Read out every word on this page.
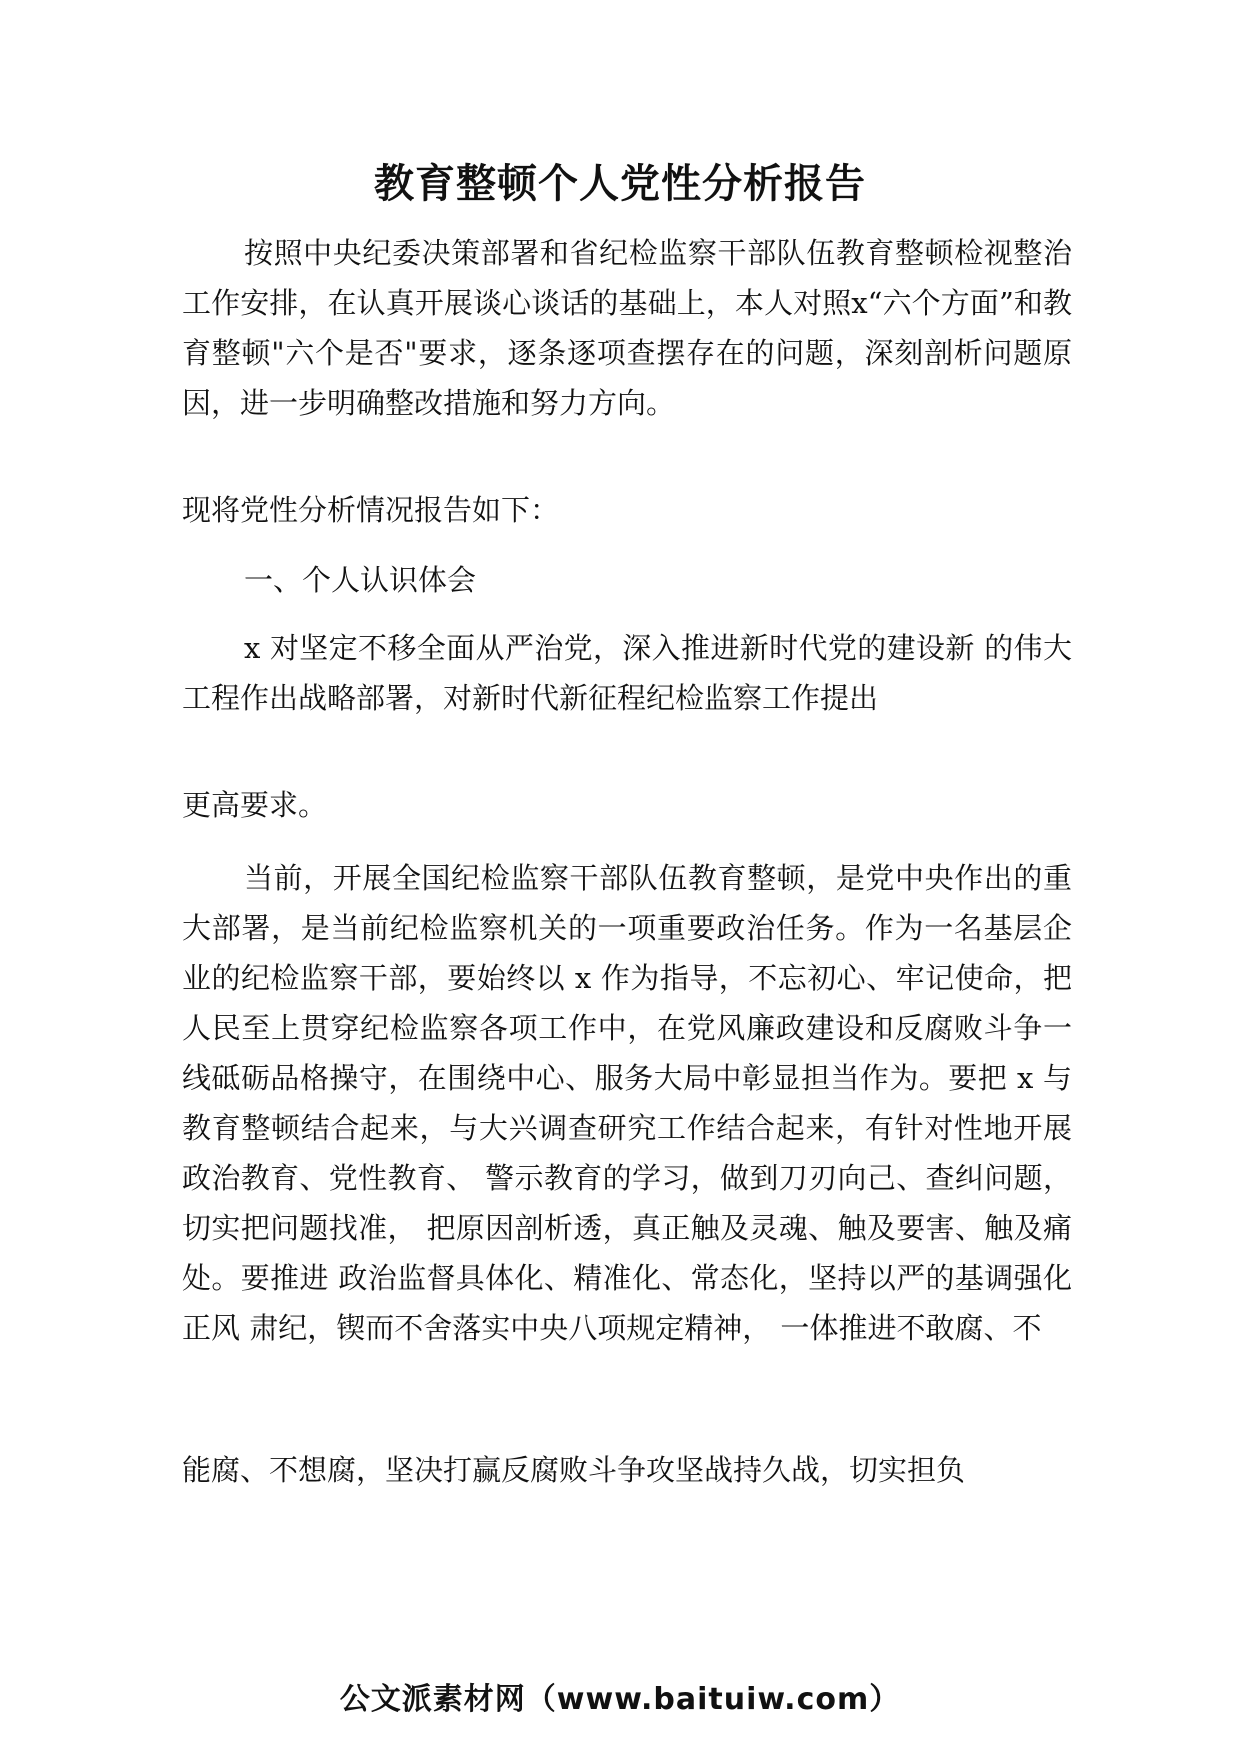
教育整顿个人党性分析报告

按照中央纪委决策部署和省纪检监察干部队伍教育整顿检视整治工作安排，在认真开展谈心谈话的基础上，本人对照x“六个方面”和教育整顿"六个是否"要求，逐条逐项查摆存在的问题，深刻剖析问题原因，进一步明确整改措施和努力方向。

现将党性分析情况报告如下：

一、个人认识体会

x 对坚定不移全面从严治党，深入推进新时代党的建设新 的伟大工程作出战略部署，对新时代新征程纪检监察工作提出

更高要求。

当前，开展全国纪检监察干部队伍教育整顿，是党中央作出的重大部署，是当前纪检监察机关的一项重要政治任务。作为一名基层企业的纪检监察干部，要始终以 x 作为指导，不忘初心、牢记使命，把人民至上贯穿纪检监察各项工作中，在党风廉政建设和反腐败斗争一线砥砺品格操守，在围绕中心、服务大局中彰显担当作为。要把 x 与教育整顿结合起来，与大兴调查研究工作结合起来，有针对性地开展政治教育、党性教育、 警示教育的学习，做到刀刃向己、查纠问题，切实把问题找准， 把原因剖析透，真正触及灵魂、触及要害、触及痛处。要推进 政治监督具体化、精准化、常态化，坚持以严的基调强化正风 肃纪，锲而不舍落实中央八项规定精神， 一体推进不敢腐、不

能腐、不想腐，坚决打赢反腐败斗争攻坚战持久战，切实担负

公文派素材网（www.baituiw.com）
